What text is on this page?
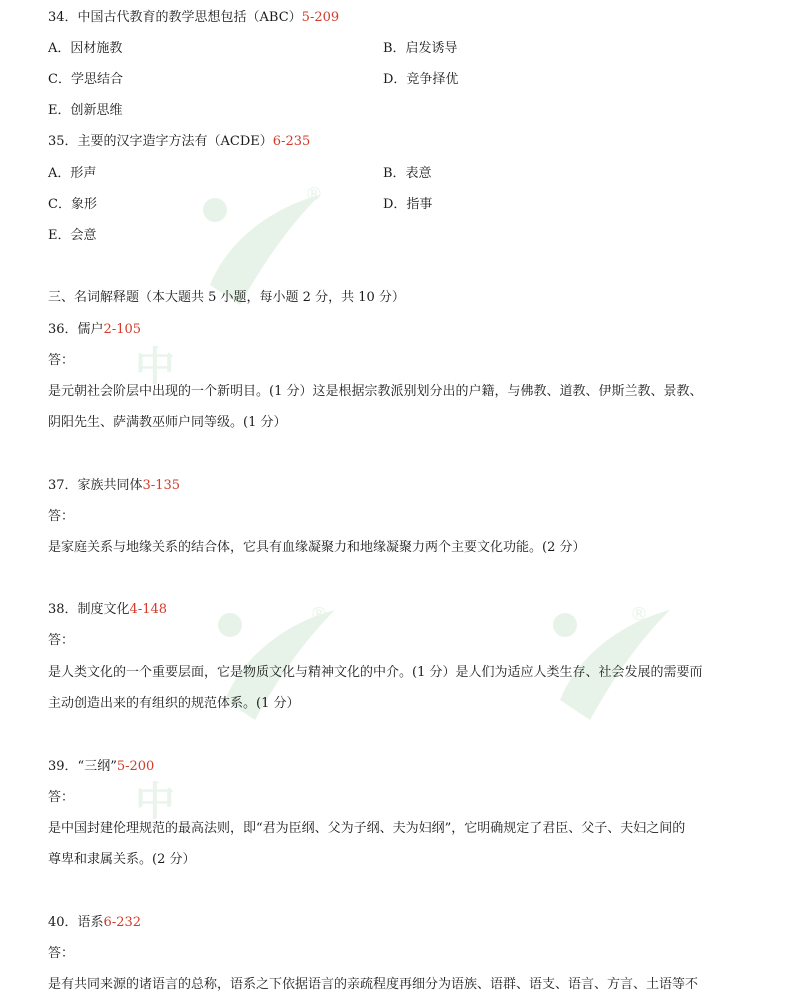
®
中
®	®
中
34．中国古代教育的教学思想包括（ABC）5-209
A．因材施教	B．启发诱导
C．学思结合	D．竞争择优
E．创新思维
35．主要的汉字造字方法有（ACDE）6-235
A．形声	B．表意
C．象形	D．指事
E．会意
三、名词解释题（本大题共 5 小题，每小题 2 分，共 10 分）
36．儒户2-105
答：
是元朝社会阶层中出现的一个新明目。(1 分）这是根据宗教派别划分出的户籍，与佛教、道教、伊斯兰教、景教、
阴阳先生、萨满教巫师户同等级。(1 分）
37．家族共同体3-135
答：
是家庭关系与地缘关系的结合体，它具有血缘凝聚力和地缘凝聚力两个主要文化功能。(2 分）
38．制度文化4-148
答：
是人类文化的一个重要层面，它是物质文化与精神文化的中介。(1 分）是人们为适应人类生存、社会发展的需要而
主动创造出来的有组织的规范体系。(1 分）
39．“三纲”5-200
答：
是中国封建伦理规范的最高法则，即“君为臣纲、父为子纲、夫为妇纲”，它明确规定了君臣、父子、夫妇之间的
尊卑和隶属关系。(2 分）
40．语系6-232
答：
是有共同来源的诸语言的总称，语系之下依据语言的亲疏程度再细分为语族、语群、语支、语言、方言、土语等不
